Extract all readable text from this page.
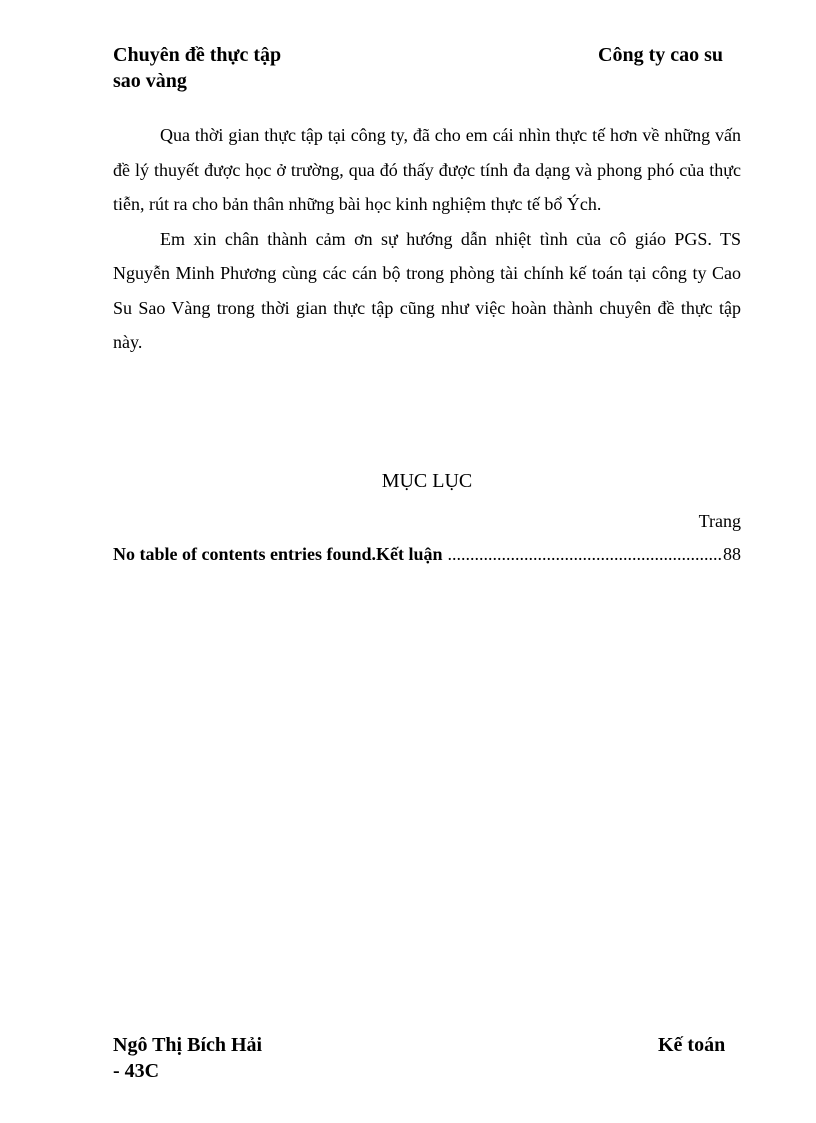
Chuyên đề thực tập	Công ty cao su
sao vàng

Qua thời gian thực tập tại công ty, đã cho em cái nhìn thực tế hơn về những vấn đề lý thuyết được học ở trường, qua đó thấy được tính đa dạng và phong phó của thực tiễn, rút ra cho bản thân những bài học kinh nghiệm thực tế bổ Ých.

Em xin chân thành cảm ơn sự hướng dẫn nhiệt tình của cô giáo PGS. TS Nguyễn Minh Phương cùng các cán bộ trong phòng tài chính kế toán tại công ty Cao Su Sao Vàng trong thời gian thực tập cũng như việc hoàn thành chuyên đề thực tập này.

MỤC LỤC
Trang
No table of contents entries found.Kết luận
.....	88
Ngô Thị Bích Hải	Kế toán
- 43C
